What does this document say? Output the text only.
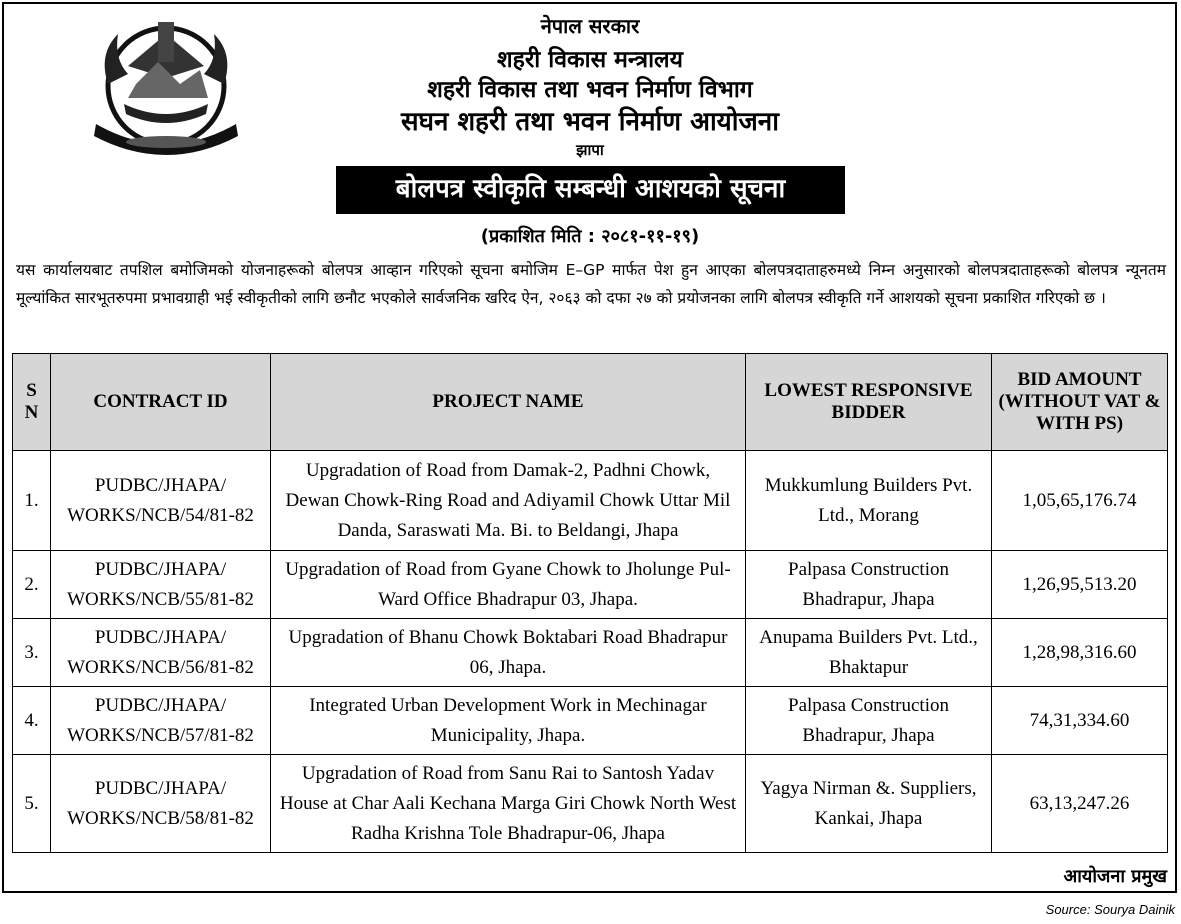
नेपाल सरकार
शहरी विकास मन्त्रालय
शहरी विकास तथा भवन निर्माण विभाग
सघन शहरी तथा भवन निर्माण आयोजना
झापा
बोलपत्र स्वीकृति सम्बन्धी आशयको सूचना
(प्रकाशित मिति : २०८१-११-१९)
यस कार्यालयबाट तपशिल बमोजिमको योजनाहरूको बोलपत्र आव्हान गरिएको सूचना बमोजिम E–GP मार्फत पेश हुन आएका बोलपत्रदाताहरुमध्ये निम्न अनुसारको बोलपत्रदाताहरूको बोलपत्र न्यूनतम मूल्यांकित सारभूतरुपमा प्रभावग्राही भई स्वीकृतीको लागि छनौट भएकोले सार्वजनिक खरिद ऐन, २०६३ को दफा २७ को प्रयोजनका लागि बोलपत्र स्वीकृति गर्ने आशयको सूचना प्रकाशित गरिएको छ ।
S N	CONTRACT ID	PROJECT NAME	LOWEST RESPONSIVE BIDDER	BID AMOUNT (WITHOUT VAT & WITH PS)
1.	PUDBC/JHAPA/ WORKS/NCB/54/81-82	Upgradation of Road from Damak-2, Padhni Chowk, Dewan Chowk-Ring Road and Adiyamil Chowk Uttar Mil Danda, Saraswati Ma. Bi. to Beldangi, Jhapa	Mukkumlung Builders Pvt. Ltd., Morang	1,05,65,176.74
2.	PUDBC/JHAPA/ WORKS/NCB/55/81-82	Upgradation of Road from Gyane Chowk to Jholunge Pul-Ward Office Bhadrapur 03, Jhapa.	Palpasa Construction Bhadrapur, Jhapa	1,26,95,513.20
3.	PUDBC/JHAPA/ WORKS/NCB/56/81-82	Upgradation of Bhanu Chowk Boktabari Road Bhadrapur 06, Jhapa.	Anupama Builders Pvt. Ltd., Bhaktapur	1,28,98,316.60
4.	PUDBC/JHAPA/ WORKS/NCB/57/81-82	Integrated Urban Development Work in Mechinagar Municipality, Jhapa.	Palpasa Construction Bhadrapur, Jhapa	74,31,334.60
5.	PUDBC/JHAPA/ WORKS/NCB/58/81-82	Upgradation of Road from Sanu Rai to Santosh Yadav House at Char Aali Kechana Marga Giri Chowk North West Radha Krishna Tole Bhadrapur-06, Jhapa	Yagya Nirman &. Suppliers, Kankai, Jhapa	63,13,247.26
आयोजना प्रमुख
Source: Sourya Dainik
